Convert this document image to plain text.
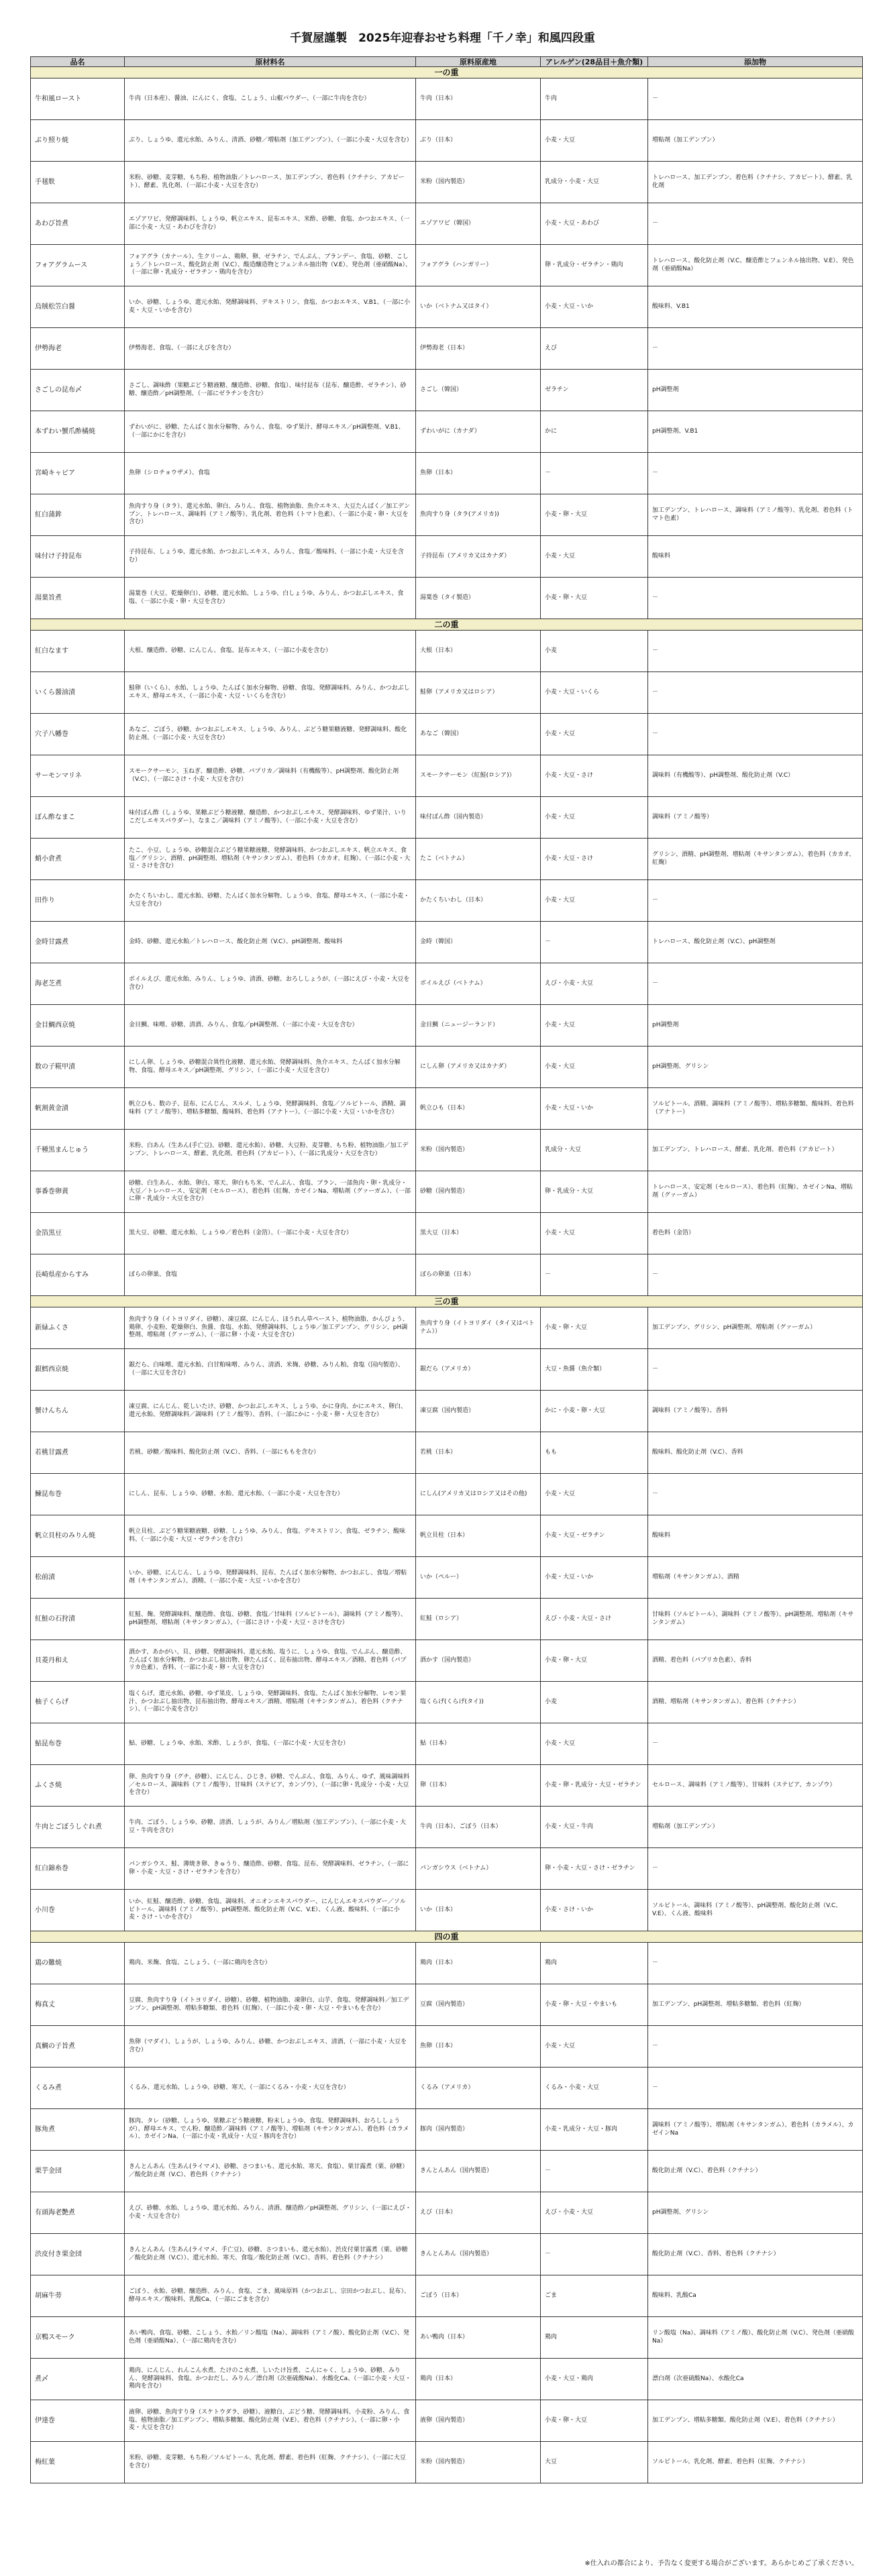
千賀屋謹製　2025年迎春おせち料理「千ノ幸」和風四段重
品名	原材料名	原料原産地	アレルゲン(28品目＋魚介類)	添加物
一の重				
牛和風ロースト	牛肉（日本産）、醤油、にんにく、食塩、こしょう、山椒パウダー、（一部に牛肉を含む）	牛肉（日本）	牛肉	－
ぶり照り焼	ぶり、しょうゆ、還元水飴、みりん、清酒、砂糖／増粘剤（加工デンプン）、（一部に小麦・大豆を含む）	ぶり（日本）	小麦・大豆	増粘剤（加工デンプン）
手毬麩	米粉、砂糖、麦芽糖、もち粉、植物油脂／トレハロース、加工デンプン、着色料（クチナシ、アカビート）、酵素、乳化剤、（一部に小麦・大豆を含む）	米粉（国内製造）	乳成分・小麦・大豆	トレハロース、加工デンプン、着色料（クチナシ、アカビート）、酵素、乳化剤
あわび旨煮	エゾアワビ、発酵調味料、しょうゆ、帆立エキス、昆布エキス、米酢、砂糖、食塩、かつおエキス、（一部に小麦・大豆・あわびを含む）	エゾアワビ（韓国）	小麦・大豆・あわび	－
フォアグラムース	フォアグラ（カナール）、生クリーム、鶏卵、卵、ゼラチン、でんぷん、ブランデー、食塩、砂糖、こしょう／トレハロース、酸化防止剤（V.C）、酸造醸造物とフェンネル抽出物（V.E）、発色剤（亜硝酸Na）、（一部に卵・乳成分・ゼラチン・鶏肉を含む）	フォアグラ（ハンガリー）	卵・乳成分・ゼラチン・鶏肉	トレハロース、酸化防止剤（V.C、醸造酢とフェンネル抽出物、V.E）、発色剤（亜硝酸Na）
烏賊松笠白醤	いか、砂糖、しょうゆ、還元水飴、発酵調味料、デキストリン、食塩、かつおエキス、V.B1、（一部に小麦・大豆・いかを含む）	いか（ベトナム又はタイ）	小麦・大豆・いか	酸味料、V.B1
伊勢海老	伊勢海老、食塩、（一部にえびを含む）	伊勢海老（日本）	えび	－
さごしの昆布〆	さごし、調味酢（果糖ぶどう糖液糖、醸造酢、砂糖、食塩）、味付昆布（昆布、醸造酢、ゼラチン）、砂糖、醸造酢／pH調整剤、（一部にゼラチンを含む）	さごし（韓国）	ゼラチン	pH調整剤
本ずわい蟹爪酢橘焼	ずわいがに、砂糖、たんぱく加水分解物、みりん、食塩、ゆず果汁、酵母エキス／pH調整剤、V.B1、（一部にかにを含む）	ずわいがに（カナダ）	かに	pH調整剤、V.B1
宮崎キャビア	魚卵（シロチョウザメ）、食塩	魚卵（日本）	－	－
紅白蒲鉾	魚肉すり身（タラ）、還元水飴、卵白、みりん、食塩、植物油脂、魚介エキス、大豆たんぱく／加工デンプン、トレハロース、調味料（アミノ酸等）、乳化剤、着色料（トマト色素）、（一部に小麦・卵・大豆を含む）	魚肉すり身（タラ(アメリカ))	小麦・卵・大豆	加工デンプン、トレハロース、調味料（アミノ酸等）、乳化剤、着色料（トマト色素）
味付け子持昆布	子持昆布、しょうゆ、還元水飴、かつおぶしエキス、みりん、食塩／酸味料、（一部に小麦・大豆を含む）	子持昆布（アメリカ又はカナダ）	小麦・大豆	酸味料
湯葉旨煮	湯葉巻（大豆、乾燥卵白）、砂糖、還元水飴、しょうゆ、白しょうゆ、みりん、かつおぶしエキス、食塩、（一部に小麦・卵・大豆を含む）	湯葉巻（タイ製造）	小麦・卵・大豆	－
二の重				
紅白なます	大根、醸造酢、砂糖、にんじん、食塩、昆布エキス、（一部に小麦を含む）	大根（日本）	小麦	－
いくら醤油漬	鮭卵（いくら）、水飴、しょうゆ、たんぱく加水分解物、砂糖、食塩、発酵調味料、みりん、かつおぶしエキス、酵母エキス、（一部に小麦・大豆・いくらを含む）	鮭卵（アメリカ又はロシア）	小麦・大豆・いくら	－
穴子八幡巻	あなご、ごぼう、砂糖、かつおぶしエキス、しょうゆ、みりん、ぶどう糖果糖液糖、発酵調味料、酸化防止剤、（一部に小麦・大豆を含む）	あなご（韓国）	小麦・大豆	－
サーモンマリネ	スモークサーモン、玉ねぎ、醸造酢、砂糖、パプリカ／調味料（有機酸等）、pH調整剤、酸化防止剤（V.C）、（一部にさけ・小麦・大豆を含む）	スモークサーモン（紅鮭(ロシア)）	小麦・大豆・さけ	調味料（有機酸等）、pH調整剤、酸化防止剤（V.C）
ぼん酢なまこ	味付ぼん酢（しょうゆ、果糖ぶどう糖液糖、醸造酢、かつおぶしエキス、発酵調味料、ゆず果汁、いりこだしエキスパウダー）、なまこ／調味料（アミノ酸等）、（一部に小麦・大豆を含む）	味付ぼん酢（国内製造）	小麦・大豆	調味料（アミノ酸等）
蛸小倉煮	たこ、小豆、しょうゆ、砂糖混合ぶどう糖果糖液糖、発酵調味料、かつおぶしエキス、帆立エキス、食塩／グリシン、酒精、pH調整剤、増粘剤（キサンタンガム）、着色料（カカオ、紅麹）、（一部に小麦・大豆・さけを含む）	たこ（ベトナム）	小麦・大豆・さけ	グリシン、酒精、pH調整剤、増粘剤（キサンタンガム）、着色料（カカオ、紅麹）
田作り	かたくちいわし、還元水飴、砂糖、たんぱく加水分解物、しょうゆ、食塩、酵母エキス、（一部に小麦・大豆を含む）	かたくちいわし（日本）	小麦・大豆	－
金時甘露煮	金時、砂糖、還元水飴／トレハロース、酸化防止剤（V.C）、pH調整剤、酸味料	金時（韓国）	－	トレハロース、酸化防止剤（V.C）、pH調整剤
海老芝煮	ボイルえび、還元水飴、みりん、しょうゆ、清酒、砂糖、おろししょうが、（一部にえび・小麦・大豆を含む）	ボイルえび（ベトナム）	えび・小麦・大豆	－
金目鯛西京焼	金目鯛、味噌、砂糖、清酒、みりん、食塩／pH調整剤、（一部に小麦・大豆を含む）	金目鯛（ニュージーランド）	小麦・大豆	pH調整剤
数の子糀甲漬	にしん卵、しょうゆ、砂糖混合異性化液糖、還元水飴、発酵調味料、魚介エキス、たんぱく加水分解物、食塩、酵母エキス／pH調整剤、グリシン、（一部に小麦・大豆を含む）	にしん卵（アメリカ又はカナダ）	小麦・大豆	pH調整剤、グリシン
帆割黄金漬	帆立ひも、数の子、昆布、にんじん、スルメ、しょうゆ、発酵調味料、食塩／ソルビトール、酒精、調味料（アミノ酸等）、増粘多糖類、酸味料、着色料（アナトー）、（一部に小麦・大豆・いかを含む）	帆立ひも（日本）	小麦・大豆・いか	ソルビトール、酒精、調味料（アミノ酸等）、増粘多糖類、酸味料、着色料（アナトー）
千種黒まんじゅう	米粉、白あん（生あん(手亡豆)、砂糖、還元水飴）、砂糖、大豆粉、麦芽糖、もち粉、植物油脂／加工デンプン、トレハロース、酵素、乳化剤、着色料（アカビート）、（一部に乳成分・大豆を含む）	米粉（国内製造）	乳成分・大豆	加工デンプン、トレハロース、酵素、乳化剤、着色料（アカビート）
事番巻卵黄	砂糖、白生あん、水飴、卵白、寒天、卵白もち米、でんぷん、食塩、ブラン、一部魚肉・卵・乳成分・大豆／トレハロース、安定剤（セルロース）、着色料（紅麹、カゼインNa、増粘剤（グァーガム）、（一部に卵・乳成分・大豆を含む）	砂糖（国内製造）	卵・乳成分・大豆	トレハロース、安定剤（セルロース）、着色料（紅麹）、カゼインNa、増粘剤（グァーガム）
金箔黒豆	黒大豆、砂糖、還元水飴、しょうゆ／着色料（金箔）、（一部に小麦・大豆を含む）	黒大豆（日本）	小麦・大豆	着色料（金箔）
長崎県産からすみ	ぼらの卵巣、食塩	ぼらの卵巣（日本）	－	－
三の重				
新緑ふくさ	魚肉すり身（イトヨリダイ、砂糖）、凍豆腐、にんじん、ほうれん草ペースト、植物油脂、かんぴょう、鶏卵、小麦粉、乾燥卵白、魚醤、食塩、水飴、発酵調味料、しょうゆ／加工デンプン、グリシン、pH調整剤、増粘剤（グァーガム）、（一部に卵・小麦・大豆を含む）	魚肉すり身（イトヨリダイ（タイ又はベトナム））	小麦・卵・大豆	加工デンプン、グリシン、pH調整剤、増粘剤（グァーガム）
銀鱈西京焼	銀だら、白味噌、還元水飴、白甘粕味噌、みりん、清酒、米麹、砂糖、みりん粕、食塩（国内製造）、（一部に大豆を含む）	銀だら（アメリカ）	大豆・魚醤（魚介類）	－
蟹けんちん	凍豆腐、にんじん、乾しいたけ、砂糖、かつおぶしエキス、しょうゆ、かに身肉、かにエキス、卵白、還元水飴、発酵調味料／調味料（アミノ酸等）、香料、（一部にかに・小麦・卵・大豆を含む）	凍豆腐（国内製造）	かに・小麦・卵・大豆	調味料（アミノ酸等）、香料
若桃甘露煮	若桃、砂糖／酸味料、酸化防止剤（V.C）、香料、（一部にももを含む）	若桃（日本）	もも	酸味料、酸化防止剤（V.C）、香料
鰊昆布巻	にしん、昆布、しょうゆ、砂糖、水飴、還元水飴、（一部に小麦・大豆を含む）	にしん(アメリカ又はロシア又はその他)	小麦・大豆	－
帆立貝柱のみりん焼	帆立貝柱、ぶどう糖果糖液糖、砂糖、しょうゆ、みりん、食塩、デキストリン、食塩、ゼラチン、酸味料、（一部に小麦・大豆・ゼラチンを含む）	帆立貝柱（日本）	小麦・大豆・ゼラチン	酸味料
松前漬	いか、砂糖、にんじん、しょうゆ、発酵調味料、昆布、たんぱく加水分解物、かつおぶし、食塩／増粘剤（キサンタンガム）、酒精、（一部に小麦・大豆・いかを含む）	いか（ペルー）	小麦・大豆・いか	増粘剤（キサンタンガム）、酒精
紅鮭の石狩漬	紅鮭、麹、発酵調味料、醸造酢、食塩、砂糖、食塩／甘味料（ソルビトール）、調味料（アミノ酸等）、pH調整剤、増粘剤（キサンタンガム）、（一部にさけ・小麦・大豆・さけを含む）	紅鮭（ロシア）	えび・小麦・大豆・さけ	甘味料（ソルビトール）、調味料（アミノ酸等）、pH調整剤、増粘剤（キサンタンガム）
貝菱丹和え	酒かす、あかがい、貝、砂糖、発酵調味料、還元水飴、塩うに、しょうゆ、食塩、でんぷん、醸造酢、たんぱく加水分解物、かつおぶし抽出物、卵たんぱく、昆布抽出物、酵母エキス／酒精、着色料（パプリカ色素）、香料、（一部に小麦・卵・大豆を含む）	酒かす（国内製造）	小麦・卵・大豆	酒精、着色料（パプリカ色素）、香料
柚子くらげ	塩くらげ、還元水飴、砂糖、ゆず果皮、しょうゆ、発酵調味料、食塩、たんぱく加水分解物、レモン果汁、かつおぶし抽出物、昆布抽出物、酵母エキス／酒精、増粘剤（キサンタンガム）、着色料（クチナシ）、（一部に小麦を含む）	塩くらげ(くらげ(タイ))	小麦	酒精、増粘剤（キサンタンガム）、着色料（クチナシ）
鮎昆布巻	鮎、砂糖、しょうゆ、水飴、米酢、しょうが、食塩、（一部に小麦・大豆を含む）	鮎（日本）	小麦・大豆	－
ふくさ焼	卵、魚肉すり身（グチ、砂糖）、にんじん、ひじき、砂糖、でんぷん、食塩、みりん、ゆず、風味調味料／セルロース、調味料（アミノ酸等）、甘味料（ステビア、カンゾウ）、（一部に卵・乳成分・小麦・大豆を含む）	卵（日本）	小麦・卵・乳成分・大豆・ゼラチン	セルロース、調味料（アミノ酸等）、甘味料（ステビア、カンゾウ）
牛肉とごぼうしぐれ煮	牛肉、ごぼう、しょうゆ、砂糖、清酒、しょうが、みりん／増粘剤（加工デンプン）、（一部に小麦・大豆・牛肉を含む）	牛肉（日本）、ごぼう（日本）	小麦・大豆・牛肉	増粘剤（加工デンプン）
紅白錦糸巻	パンガシウス、鮭、薄焼き卵、きゅうり、醸造酢、砂糖、食塩、昆布、発酵調味料、ゼラチン、（一部に卵・小麦・大豆・さけ・ゼラチンを含む）	パンガシウス（ベトナム）	卵・小麦・大豆・さけ・ゼラチン	－
小川巻	いか、紅鮭、醸造酢、砂糖、食塩、調味料、オニオンエキスパウダー、にんじんエキスパウダー／ソルビトール、調味料（アミノ酸等）、pH調整剤、酸化防止剤（V.C、V.E）、くん液、酸味料、（一部に小麦・さけ・いかを含む）	いか（日本）	小麦・さけ・いか	ソルビトール、調味料（アミノ酸等）、pH調整剤、酸化防止剤（V.C、V.E）、くん液、酸味料
四の重				
鶏の難焼	鶏肉、米麹、食塩、こしょう、（一部に鶏肉を含む）	鶏肉（日本）	鶏肉	－
梅真丈	豆腐、魚肉すり身（イトヨリダイ、砂糖）、砂糖、植物油脂、凍卵白、山芋、食塩、発酵調味料／加工デンプン、pH調整剤、増粘多糖類、着色料（紅麹）、（一部に小麦・卵・大豆・やまいもを含む）	豆腐（国内製造）	小麦・卵・大豆・やまいも	加工デンプン、pH調整剤、増粘多糖類、着色料（紅麹）
真鯛の子旨煮	魚卵（マダイ）、しょうが、しょうゆ、みりん、砂糖、かつおぶしエキス、清酒、（一部に小麦・大豆を含む）	魚卵（日本）	小麦・大豆	－
くるみ煮	くるみ、還元水飴、しょうゆ、砂糖、寒天、（一部にくるみ・小麦・大豆を含む）	くるみ（アメリカ）	くるみ・小麦・大豆	－
豚角煮	豚肉、タレ（砂糖、しょうゆ、果糖ぶどう糖液糖、粉末しょうゆ、食塩、発酵調味料、おろししょうが）、酵母エキス、でん粉、醸造酢／調味料（アミノ酸等）、増粘剤（キサンタンガム）、着色料（カラメル）、カゼインNa、（一部に小麦・乳成分・大豆・豚肉を含む）	豚肉（国内製造）	小麦・乳成分・大豆・豚肉	調味料（アミノ酸等）、増粘剤（キサンタンガム）、着色料（カラメル）、カゼインNa
栗芋金団	きんとんあん（生あん(ライマメ)、砂糖、さつまいも、還元水飴、寒天、食塩）、栗甘露煮（栗、砂糖）／酸化防止剤（V.C）、着色料（クチナシ）	きんとんあん（国内製造）	－	酸化防止剤（V.C）、着色料（クチナシ）
有頭海老艶煮	えび、砂糖、水飴、しょうゆ、還元水飴、みりん、清酒、醸造酢／pH調整剤、グリシン、（一部にえび・小麦・大豆を含む）	えび（日本）	えび・小麦・大豆	pH調整剤、グリシン
渋皮付き栗金団	きんとんあん（生あん(ライマメ、手亡豆)、砂糖、さつまいも、還元水飴）、渋皮付栗甘露煮（栗、砂糖／酸化防止剤（V.C））、還元水飴、寒天、食塩／酸化防止剤（V.C）、香料、着色料（クチナシ）	きんとんあん（国内製造）	－	酸化防止剤（V.C）、香料、着色料（クチナシ）
胡麻牛蒡	ごぼう、水飴、砂糖、醸造酢、みりん、食塩、ごま、風味原料（かつおぶし、宗田かつおぶし、昆布）、酵母エキス／酸味料、乳酸Ca、（一部にごまを含む）	ごぼう（日本）	ごま	酸味料、乳酸Ca
京鴨スモーク	あい鴨肉、食塩、砂糖、こしょう、水飴／リン酸塩（Na）、調味料（アミノ酸）、酸化防止剤（V.C）、発色剤（亜硝酸Na）、（一部に鶏肉を含む）	あい鴨肉（日本）	鶏肉	リン酸塩（Na）、調味料（アミノ酸）、酸化防止剤（V.C）、発色剤（亜硝酸Na）
煮〆	鶏肉、にんじん、れんこん水煮、たけのこ水煮、しいたけ旨煮、こんにゃく、しょうゆ、砂糖、みりん、発酵調味料、食塩、かつおだし、みりん／漂白剤（次亜硫酸Na）、水酸化Ca、（一部に小麦・大豆・鶏肉を含む）	鶏肉（日本）	小麦・大豆・鶏肉	漂白剤（次亜硫酸Na）、水酸化Ca
伊達巻	液卵、砂糖、魚肉すり身（スケトウダラ、砂糖）、液糖白、ぶどう糖、発酵調味料、小麦粉、みりん、食塩、植物油脂／加工デンプン、増粘多糖類、酸化防止剤（V.E）、着色料（クチナシ）、（一部に卵・小麦・大豆を含む）	液卵（国内製造）	小麦・卵・大豆	加工デンプン、増粘多糖類、酸化防止剤（V.E）、着色料（クチナシ）
梅紅葉	米粉、砂糖、麦芽糖、もち粉／ソルビトール、乳化剤、酵素、着色料（紅麹、クチナシ）、（一部に大豆を含む）	米粉（国内製造）	大豆	ソルビトール、乳化剤、酵素、着色料（紅麹、クチナシ）
※仕入れの都合により、予告なく変更する場合がございます。あらかじめご了承ください。
